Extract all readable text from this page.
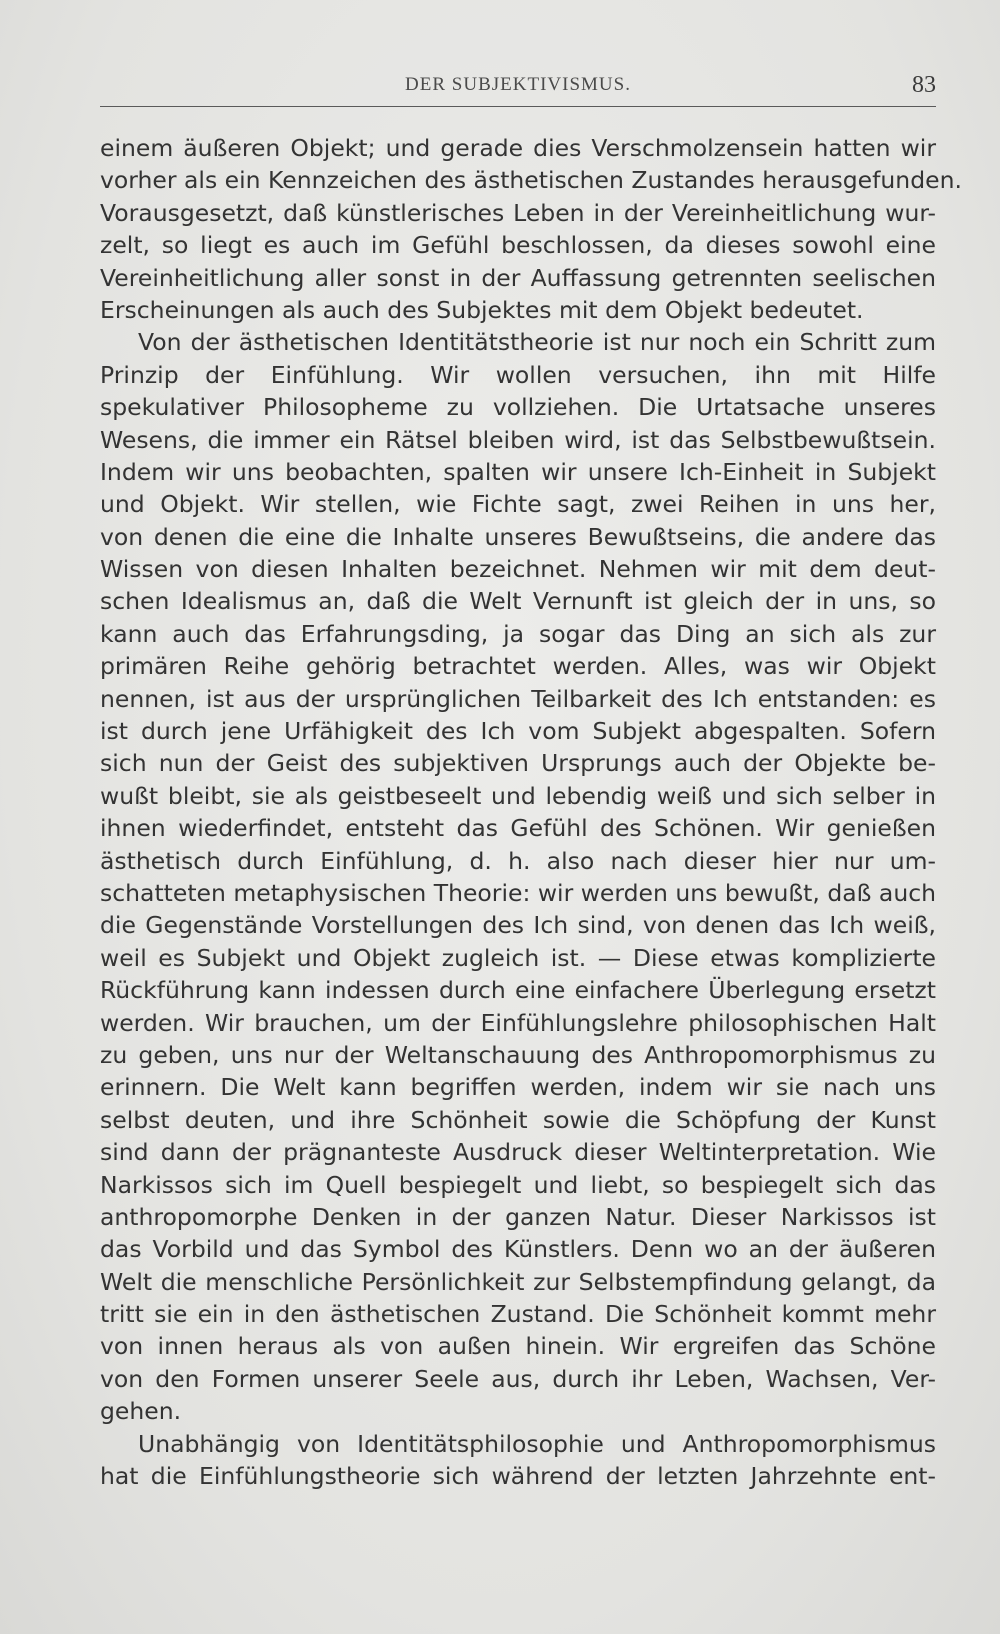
DER SUBJEKTIVISMUS.	83
einem äußeren Objekt; und gerade dies Verschmolzensein hatten wir
vorher als ein Kennzeichen des ästhetischen Zustandes herausgefunden.
Vorausgesetzt, daß künstlerisches Leben in der Vereinheitlichung wur-
zelt, so liegt es auch im Gefühl beschlossen, da dieses sowohl eine
Vereinheitlichung aller sonst in der Auffassung getrennten seelischen
Erscheinungen als auch des Subjektes mit dem Objekt bedeutet.
Von der ästhetischen Identitätstheorie ist nur noch ein Schritt zum
Prinzip der Einfühlung. Wir wollen versuchen, ihn mit Hilfe
spekulativer Philosopheme zu vollziehen. Die Urtatsache unseres
Wesens, die immer ein Rätsel bleiben wird, ist das Selbstbewußtsein.
Indem wir uns beobachten, spalten wir unsere Ich-Einheit in Subjekt
und Objekt. Wir stellen, wie Fichte sagt, zwei Reihen in uns her,
von denen die eine die Inhalte unseres Bewußtseins, die andere das
Wissen von diesen Inhalten bezeichnet. Nehmen wir mit dem deut-
schen Idealismus an, daß die Welt Vernunft ist gleich der in uns, so
kann auch das Erfahrungsding, ja sogar das Ding an sich als zur
primären Reihe gehörig betrachtet werden. Alles, was wir Objekt
nennen, ist aus der ursprünglichen Teilbarkeit des Ich entstanden: es
ist durch jene Urfähigkeit des Ich vom Subjekt abgespalten. Sofern
sich nun der Geist des subjektiven Ursprungs auch der Objekte be-
wußt bleibt, sie als geistbeseelt und lebendig weiß und sich selber in
ihnen wiederfindet, entsteht das Gefühl des Schönen. Wir genießen
ästhetisch durch Einfühlung, d. h. also nach dieser hier nur um-
schatteten metaphysischen Theorie: wir werden uns bewußt, daß auch
die Gegenstände Vorstellungen des Ich sind, von denen das Ich weiß,
weil es Subjekt und Objekt zugleich ist. — Diese etwas komplizierte
Rückführung kann indessen durch eine einfachere Überlegung ersetzt
werden. Wir brauchen, um der Einfühlungslehre philosophischen Halt
zu geben, uns nur der Weltanschauung des Anthropomorphismus zu
erinnern. Die Welt kann begriffen werden, indem wir sie nach uns
selbst deuten, und ihre Schönheit sowie die Schöpfung der Kunst
sind dann der prägnanteste Ausdruck dieser Weltinterpretation. Wie
Narkissos sich im Quell bespiegelt und liebt, so bespiegelt sich das
anthropomorphe Denken in der ganzen Natur. Dieser Narkissos ist
das Vorbild und das Symbol des Künstlers. Denn wo an der äußeren
Welt die menschliche Persönlichkeit zur Selbstempfindung gelangt, da
tritt sie ein in den ästhetischen Zustand. Die Schönheit kommt mehr
von innen heraus als von außen hinein. Wir ergreifen das Schöne
von den Formen unserer Seele aus, durch ihr Leben, Wachsen, Ver-
gehen.
Unabhängig von Identitätsphilosophie und Anthropomorphismus
hat die Einfühlungstheorie sich während der letzten Jahrzehnte ent-
